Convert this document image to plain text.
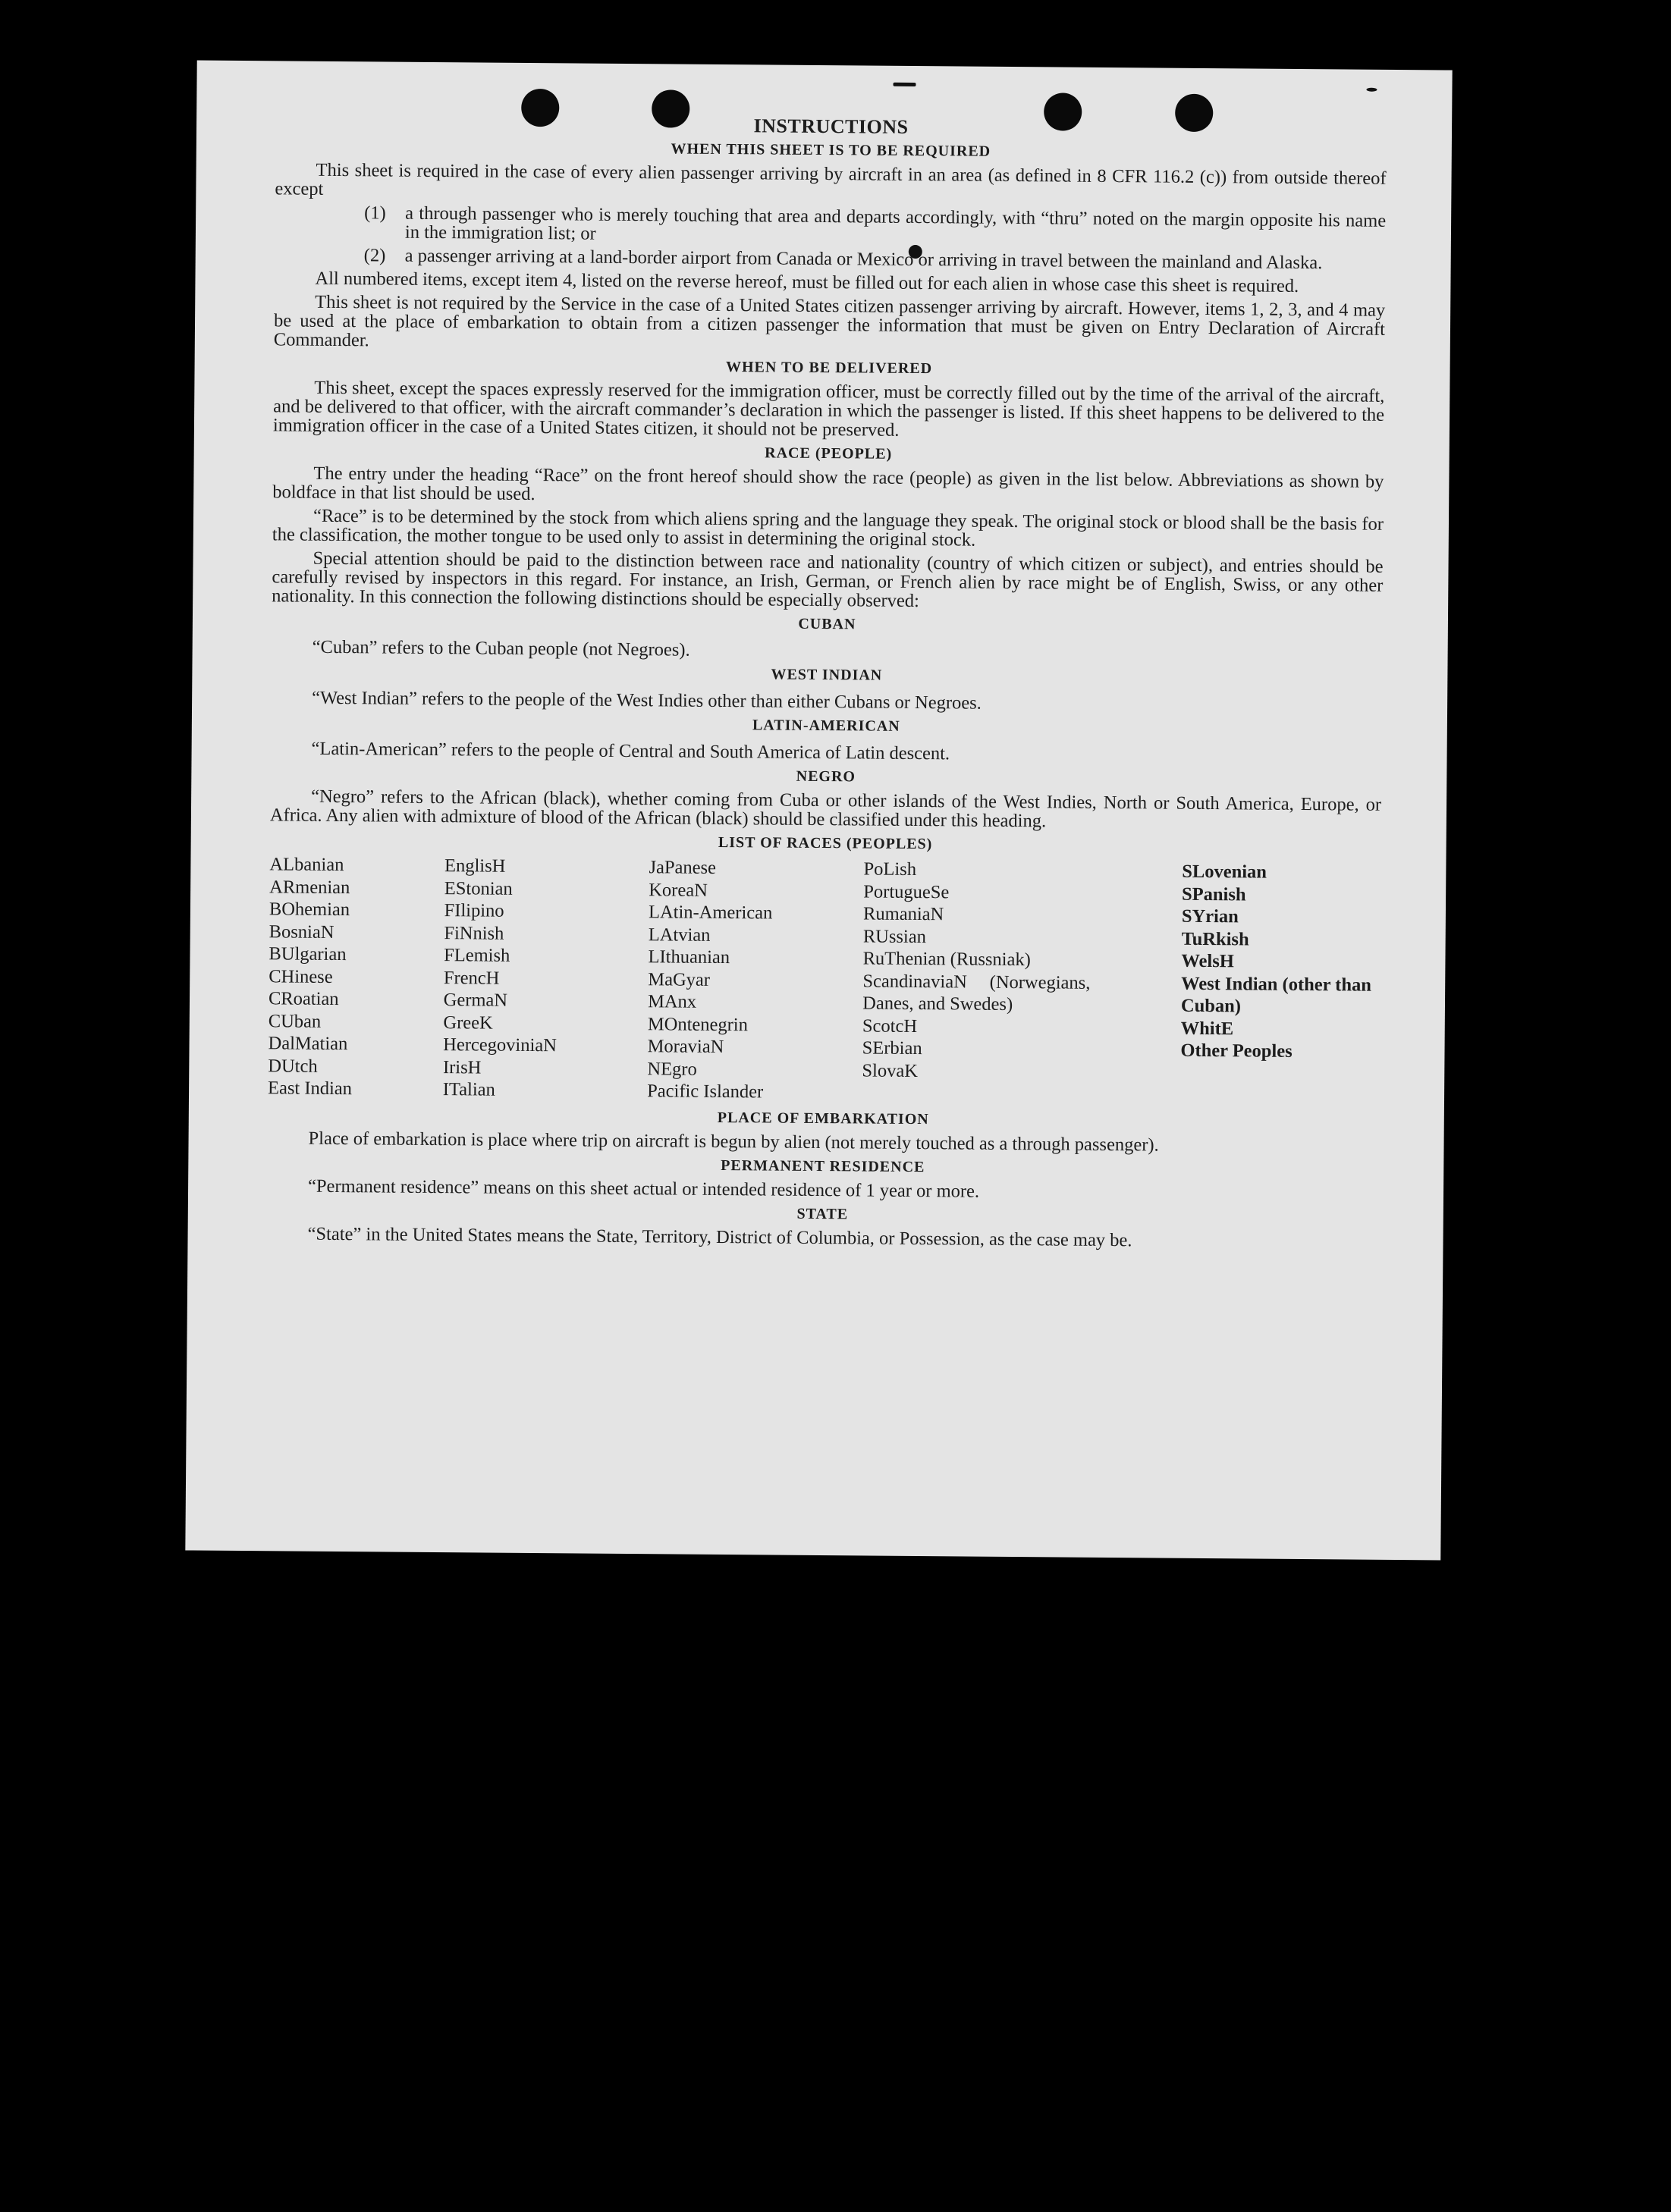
INSTRUCTIONS
WHEN THIS SHEET IS TO BE REQUIRED

This sheet is required in the case of every alien passenger arriving by aircraft in an area (as defined in 8 CFR 116.2 (c)) from outside thereof except

(1)	a through passenger who is merely touching that area and departs accordingly, with “thru” noted on the margin opposite his name in the immigration list; or
(2)	a passenger arriving at a land-border airport from Canada or Mexico or arriving in travel between the mainland and Alaska.

All numbered items, except item 4, listed on the reverse hereof, must be filled out for each alien in whose case this sheet is required.

This sheet is not required by the Service in the case of a United States citizen passenger arriving by aircraft. However, items 1, 2, 3, and 4 may be used at the place of embarkation to obtain from a citizen passenger the information that must be given on Entry Declaration of Aircraft Commander.

WHEN TO BE DELIVERED

This sheet, except the spaces expressly reserved for the immigration officer, must be correctly filled out by the time of the arrival of the aircraft, and be delivered to that officer, with the aircraft commander’s declaration in which the passenger is listed. If this sheet happens to be delivered to the immigration officer in the case of a United States citizen, it should not be preserved.

RACE (PEOPLE)

The entry under the heading “Race” on the front hereof should show the race (people) as given in the list below. Abbreviations as shown by boldface in that list should be used.

“Race” is to be determined by the stock from which aliens spring and the language they speak. The original stock or blood shall be the basis for the classification, the mother tongue to be used only to assist in determining the original stock.

Special attention should be paid to the distinction between race and nationality (country of which citizen or subject), and entries should be carefully revised by inspectors in this regard. For instance, an Irish, German, or French alien by race might be of English, Swiss, or any other nationality. In this connection the following distinctions should be especially observed:

CUBAN

“Cuban” refers to the Cuban people (not Negroes).

WEST INDIAN

“West Indian” refers to the people of the West Indies other than either Cubans or Negroes.

LATIN-AMERICAN

“Latin-American” refers to the people of Central and South America of Latin descent.

NEGRO

“Negro” refers to the African (black), whether coming from Cuba or other islands of the West Indies, North or South America, Europe, or Africa. Any alien with admixture of blood of the African (black) should be classified under this heading.

LIST OF RACES (PEOPLES)
ALbanian
ARmenian
BOhemian
BosniaN
BUlgarian
CHinese
CRoatian
CUban
DalMatian
DUtch
East Indian
EnglisH
EStonian
FIlipino
FiNnish
FLemish
FrencH
GermaN
GreeK
HercegoviniaN
IrisH
ITalian
JaPanese
KoreaN
LAtin-American
LAtvian
LIthuanian
MaGyar
MAnx
MOntenegrin
MoraviaN
NEgro
Pacific Islander
PoLish
PortugueSe
RumaniaN
RUssian
RuThenian (Russniak)
ScandinaviaN (Norwegians, Danes, and Swedes)
ScotcH
SErbian
SlovaK
SLovenian
SPanish
SYrian
TuRkish
WelsH
West Indian (other than Cuban)
WhitE
Other Peoples
PLACE OF EMBARKATION

Place of embarkation is place where trip on aircraft is begun by alien (not merely touched as a through passenger).

PERMANENT RESIDENCE

“Permanent residence” means on this sheet actual or intended residence of 1 year or more.

STATE

“State” in the United States means the State, Territory, District of Columbia, or Possession, as the case may be.
